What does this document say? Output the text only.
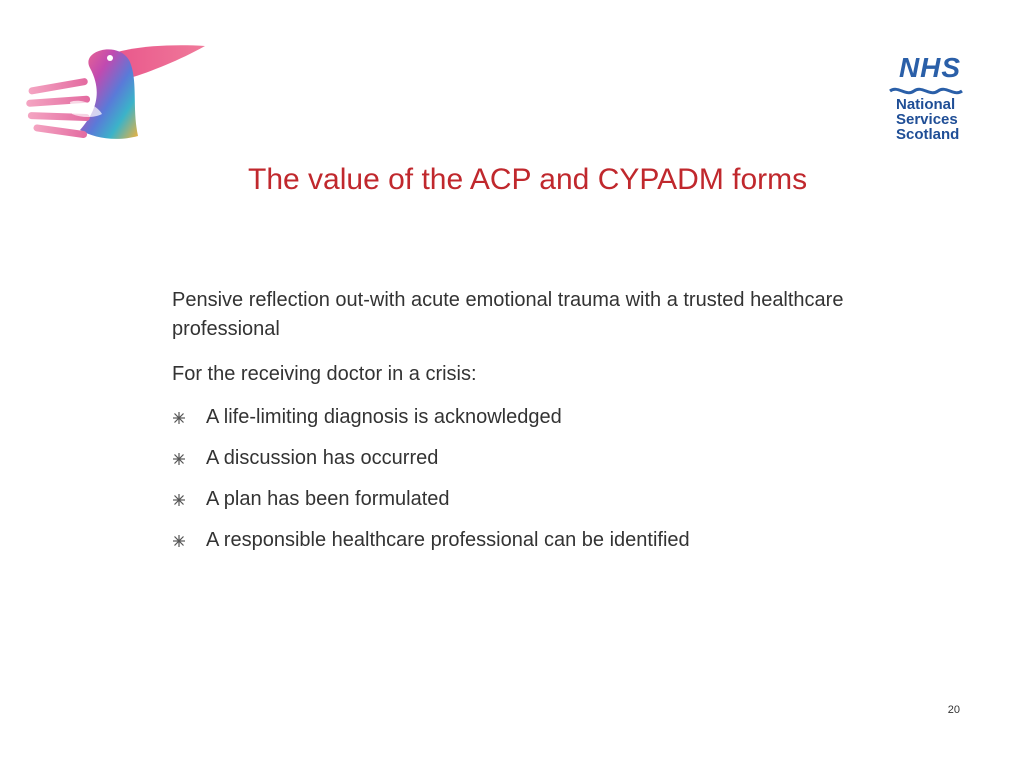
NHS
National
Services
Scotland
The value of the ACP and CYPADM forms

Pensive reflection out-with acute emotional trauma with a trusted healthcare professional

For the receiving doctor in a crisis:

A life-limiting diagnosis is acknowledged
A discussion has occurred
A plan has been formulated
A responsible healthcare professional can be identified
20
